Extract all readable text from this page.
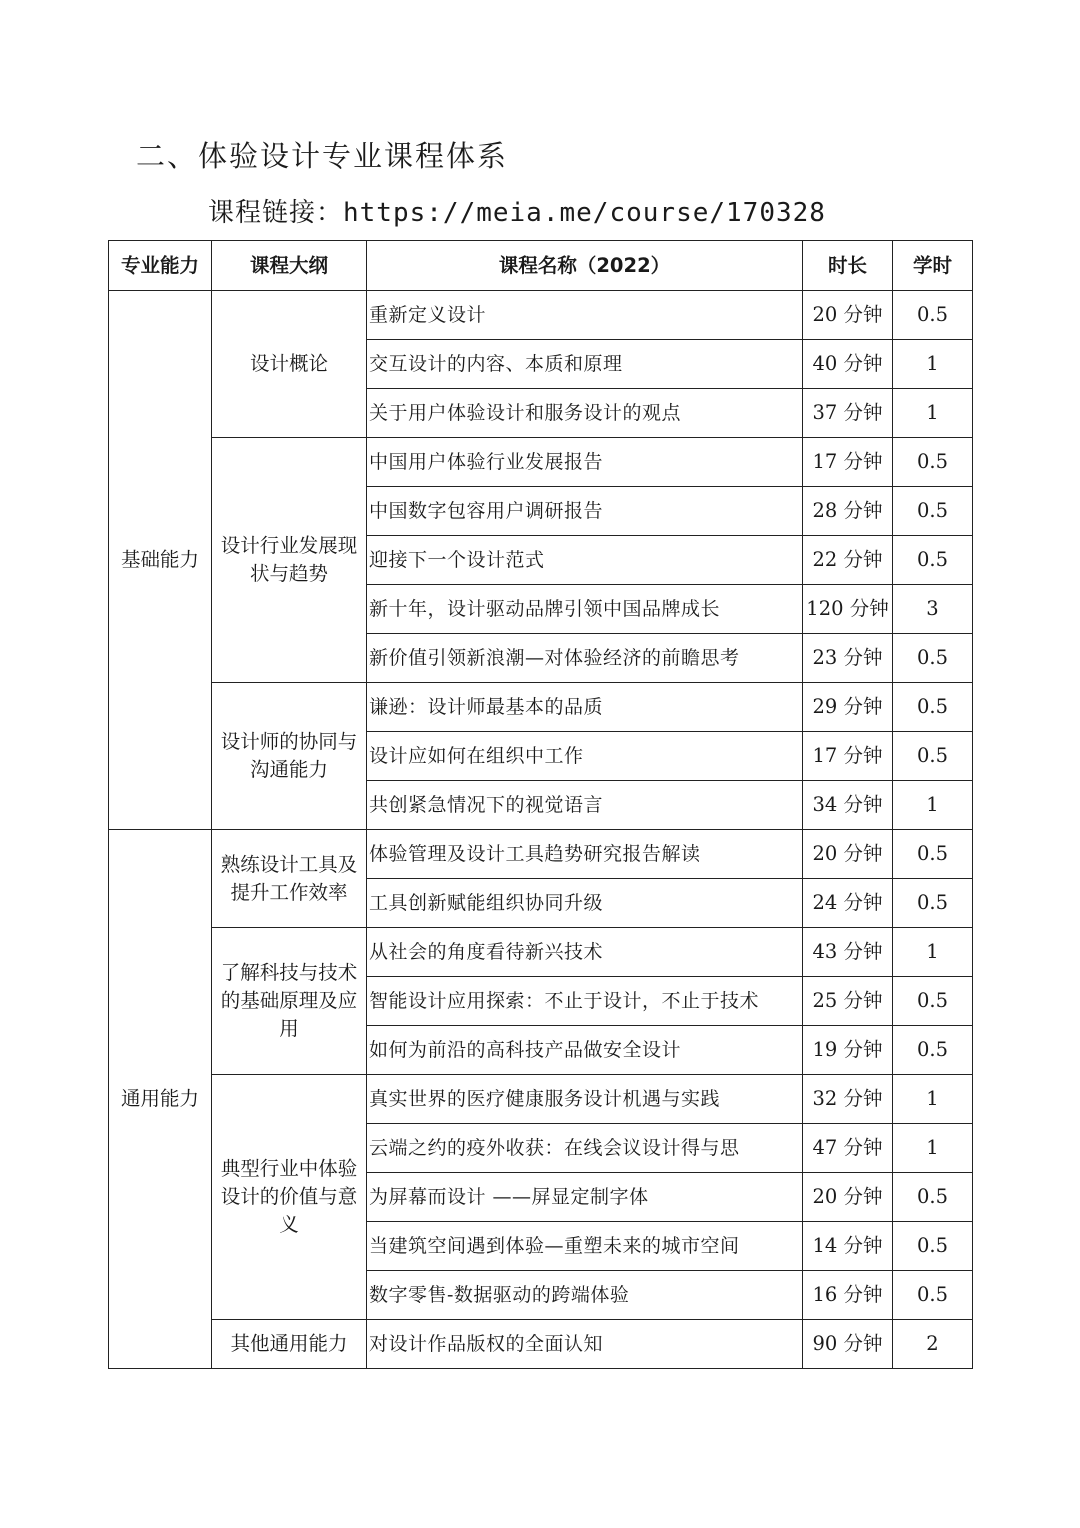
二、体验设计专业课程体系
课程链接：https://meia.me/course/170328
专业能力	课程大纲	课程名称（2022）	时长	学时
基础能力	设计概论	重新定义设计	20 分钟	0.5
		交互设计的内容、本质和原理	40 分钟	1
		关于用户体验设计和服务设计的观点	37 分钟	1
	设计行业发展现状与趋势	中国用户体验行业发展报告	17 分钟	0.5
		中国数字包容用户调研报告	28 分钟	0.5
		迎接下一个设计范式	22 分钟	0.5
		新十年，设计驱动品牌引领中国品牌成长	120 分钟	3
		新价值引领新浪潮—对体验经济的前瞻思考	23 分钟	0.5
	设计师的协同与沟通能力	谦逊：设计师最基本的品质	29 分钟	0.5
		设计应如何在组织中工作	17 分钟	0.5
		共创紧急情况下的视觉语言	34 分钟	1
通用能力	熟练设计工具及提升工作效率	体验管理及设计工具趋势研究报告解读	20 分钟	0.5
		工具创新赋能组织协同升级	24 分钟	0.5
	了解科技与技术的基础原理及应用	从社会的角度看待新兴技术	43 分钟	1
		智能设计应用探索：不止于设计，不止于技术	25 分钟	0.5
		如何为前沿的高科技产品做安全设计	19 分钟	0.5
	典型行业中体验设计的价值与意义	真实世界的医疗健康服务设计机遇与实践	32 分钟	1
		云端之约的疫外收获：在线会议设计得与思	47 分钟	1
		为屏幕而设计 ——屏显定制字体	20 分钟	0.5
		当建筑空间遇到体验—重塑未来的城市空间	14 分钟	0.5
		数字零售-数据驱动的跨端体验	16 分钟	0.5
	其他通用能力	对设计作品版权的全面认知	90 分钟	2
